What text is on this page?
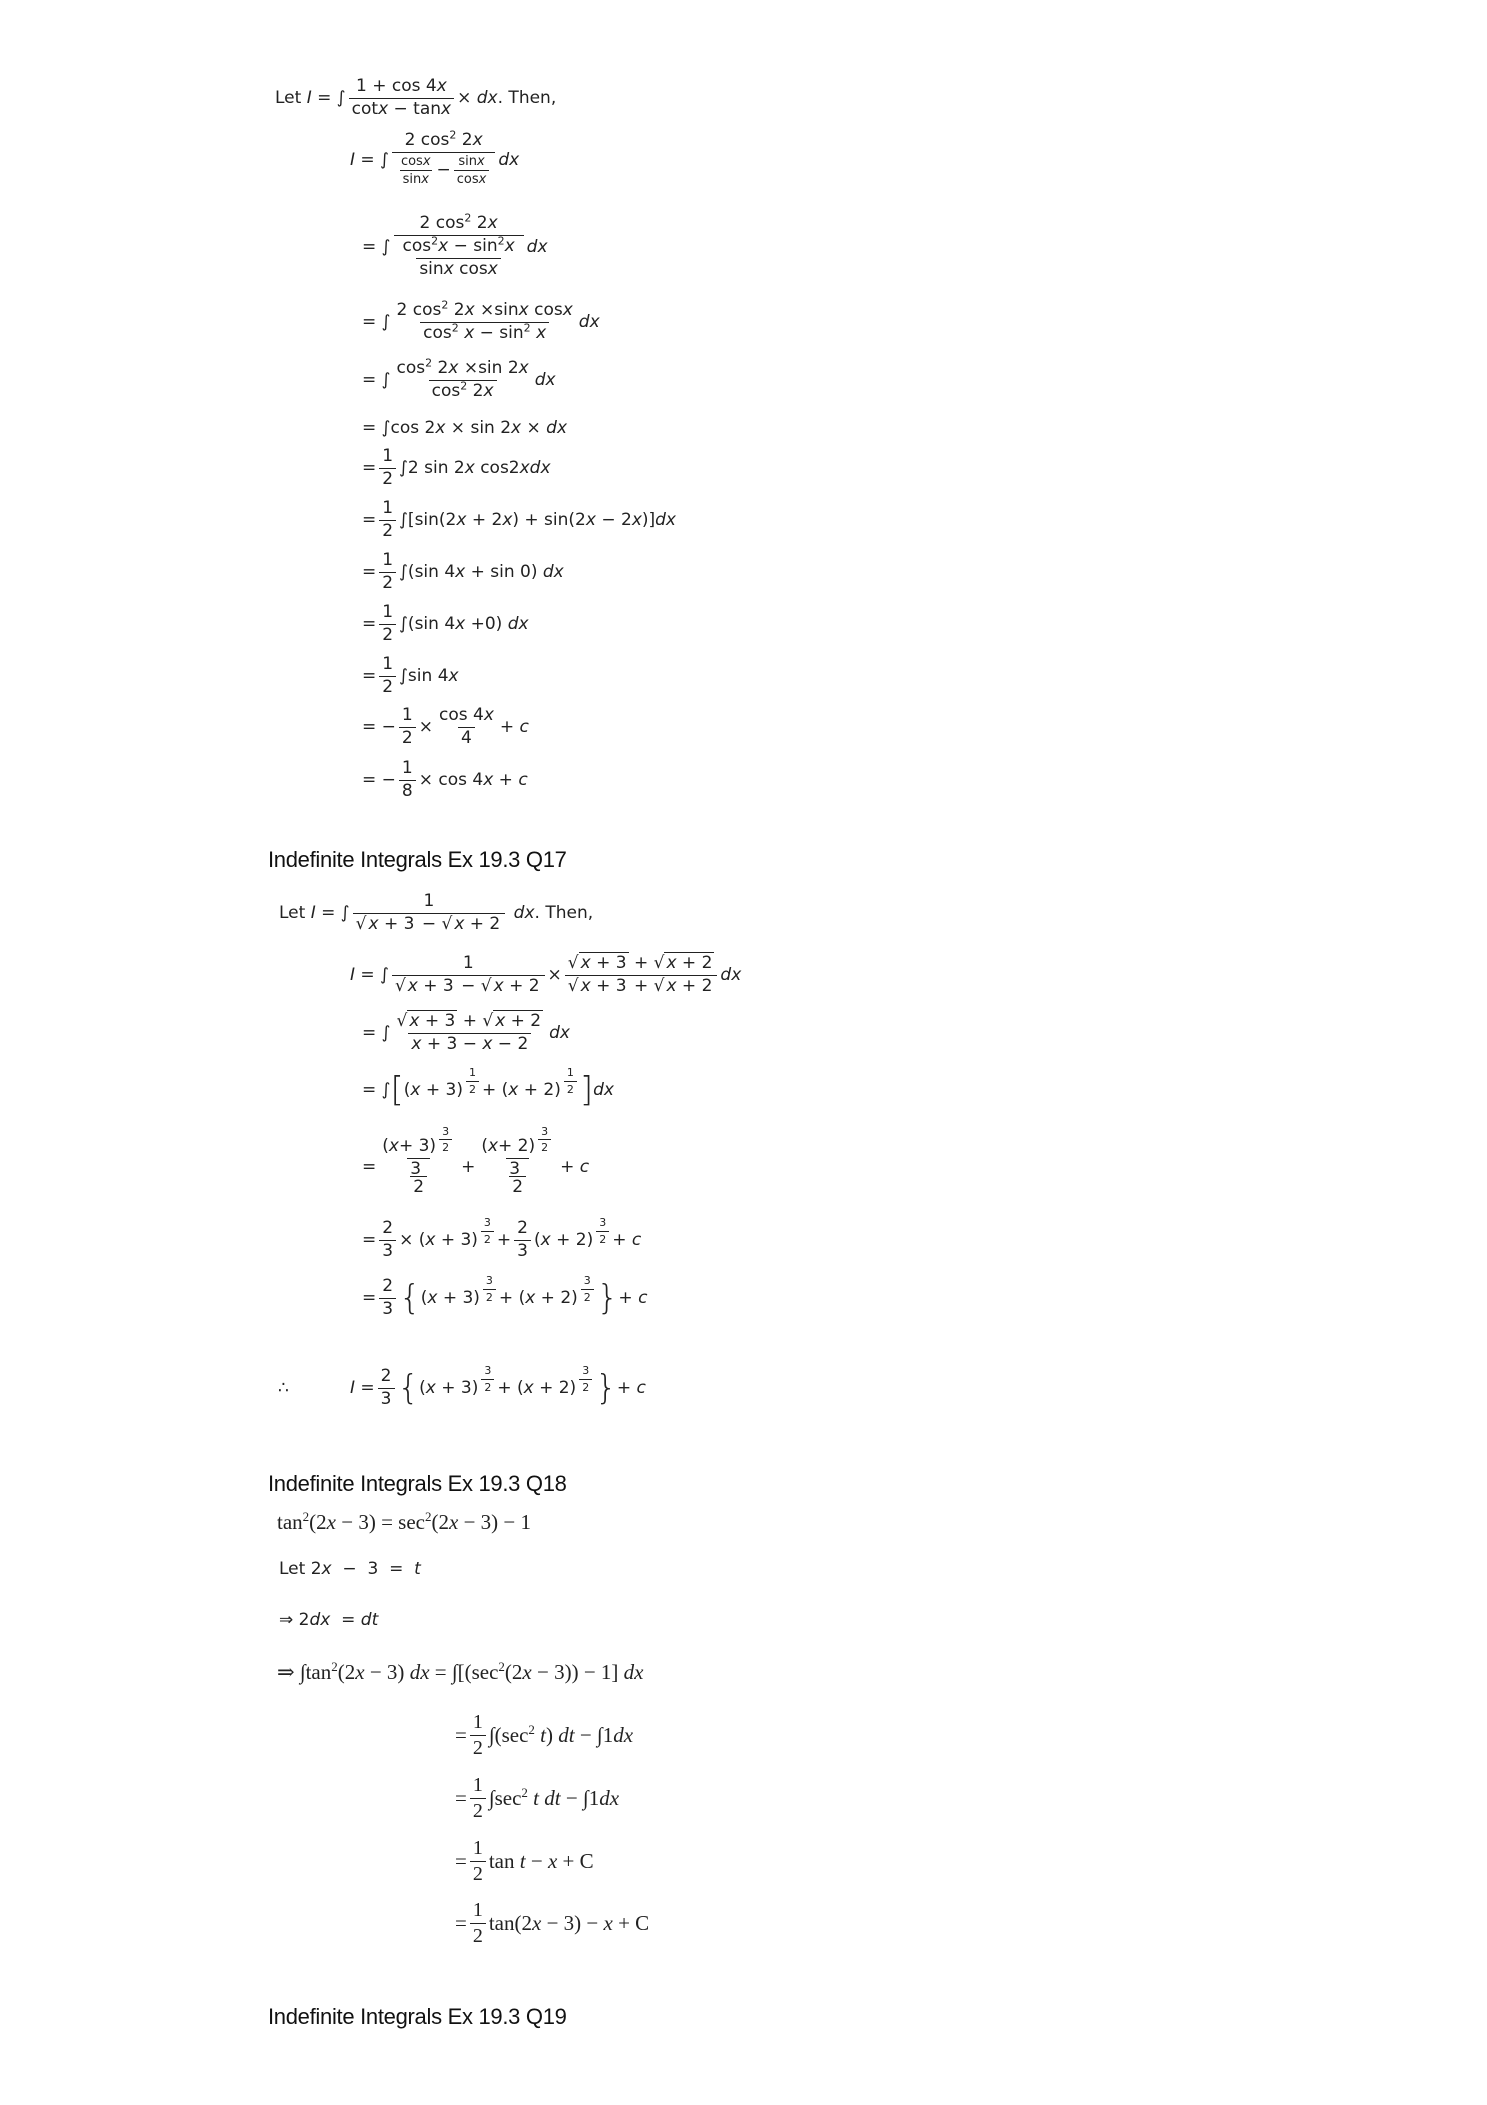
Let I = ∫ $\frac{1 + \cos 4x}{\cot x - \tan x}$ × dx. Then,
I = ∫
2 $\cos^2 2x$
cosx
sinx − sinx
cosx
dx
= ∫
2 $\cos^2 2x$
$\frac{\cos^2x - \sin^2x}{\text{sinx cosx}}$ dx
= ∫
2 $\cos^2 2x \times\sin x$ cosx
$\cos^2 x - \sin^2 x$
dx
= ∫
$\cos^2 2x \times\sin$ 2x
$\cos^2 2x$
dx
= ∫cos 2x × sin 2x × dx
= $\frac{1}{2} \int 2$ sin 2x cos2xdx
= $\frac{1}{2} \int[\sin(2x + 2x) + \sin(2x - 2x)]dx$
= $\frac{1}{2} \int(\sin$ 4x + sin 0) dx
= $\frac{1}{2} \int(\sin$ 4x +0) dx
= $\frac{1}{2} \int\sin$ 4x
= − $\frac{1}{2} \times \frac{\cos 4x}{4} + c$
= − $\frac{1}{8} \times \cos 4x + c$
Indefinite Integrals Ex 19.3 Q17
Let I = ∫
1
√ x + 3 − √ x + 2
dx. Then,
I = ∫ $\frac{1}{√ x + 3 - √ x + 2} \times \frac{√ x + 3 + √ x + 2}{√ x + 3 + √ x + 2}$ dx
= ∫
√ x + 3 + √ x + 2
x + 3 − x − 2
dx
= ∫ [ (x + 3)
1
2 + (x + 2)
1
2 ] dx
=
( x + 3)
3
2
3
2
+
( x + 2)
3
2
3
2
+ c
= $\frac{2}{3} \times (x + 3)$
3
$2 + \frac{2}{3} (x + 2)$
3
2 + c
= $\frac{2}{3}$ { (x + 3)
3
2 + (x + 2)
3
2 } + c
∴	$I = \frac{2}{3}$ { (x + 3)
3
2 + (x + 2)
3
2 } + c
Indefinite Integrals Ex 19.3 Q18
$\tan^2(2x - 3) = \sec^2(2x - 3) - 1$
Let 2x  −  3  =  t
⇒ 2dx  = dt
⇒ $\int\tan^2(2x - 3)$ dx = $\int[(\sec^2(2x - 3)) - 1]$ dx
= $\frac{1}{2} \int(\sec^2$ t) dt − ∫1dx
= $\frac{1}{2} \int\sec^2$ t dt − ∫1dx
= $\frac{1}{2}$ tan t − x + C
= $\frac{1}{2} \tan(2x - 3) - x + C$
Indefinite Integrals Ex 19.3 Q19
